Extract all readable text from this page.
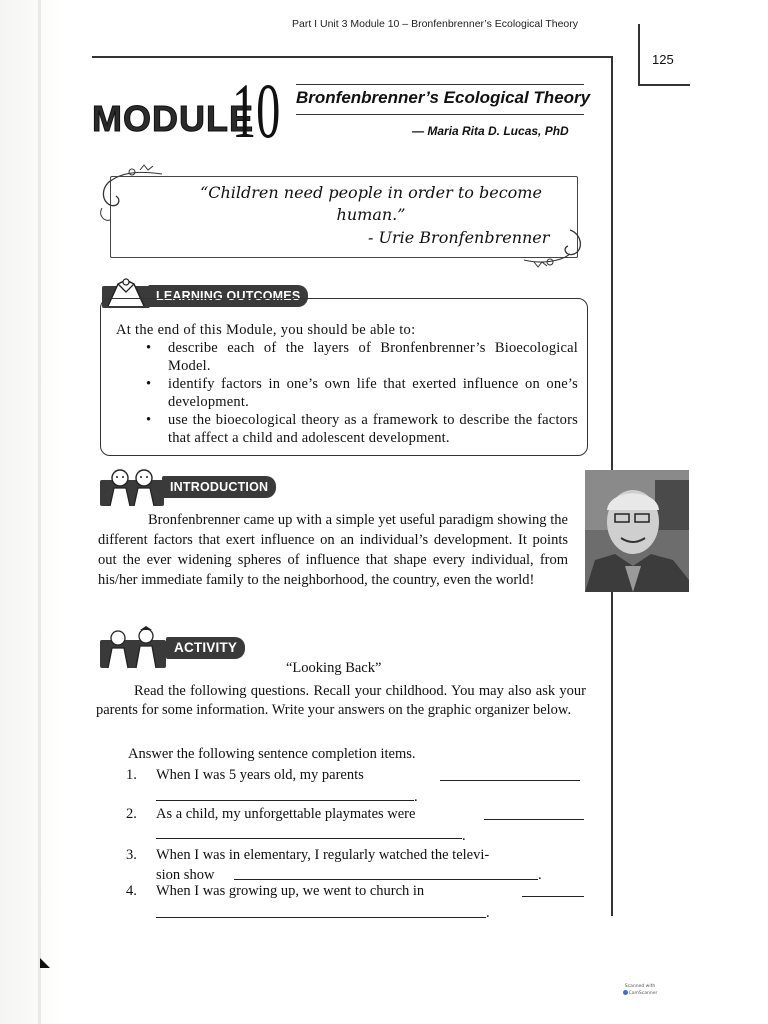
Part I Unit 3 Module 10 – Bronfenbrenner’s Ecological Theory
125
MODULE
10 Bronfenbrenner’s Ecological Theory
— Maria Rita D. Lucas, PhD
“Children need people in order to become human.”
- Urie Bronfenbrenner
LEARNING OUTCOMES
At the end of this Module, you should be able to:
• describe each of the layers of Bronfenbrenner’s Bioecological Model.
• identify factors in one’s own life that exerted influence on one’s development.
• use the bioecological theory as a framework to describe the factors that affect a child and adolescent development.
INTRODUCTION
Bronfenbrenner came up with a simple yet useful paradigm showing the different factors that exert influence on an individual’s development. It points out the ever widening spheres of influence that shape every individual, from his/her immediate family to the neighborhood, the country, even the world!
ACTIVITY
“Looking Back”
Read the following questions. Recall your childhood. You may also ask your parents for some information. Write your answers on the graphic organizer below.
Answer the following sentence completion items.
1. When I was 5 years old, my parents
.
2. As a child, my unforgettable playmates were
.
3. When I was in elementary, I regularly watched the televi-
sion show	.
4. When I was growing up, we went to church in
.
Scanned with
CamScanner
